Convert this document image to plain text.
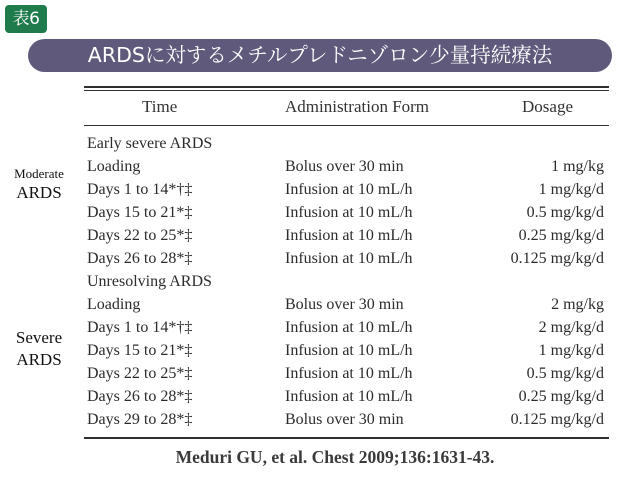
表6
ARDSに対するメチルプレドニゾロン少量持続療法
Time	Administration Form	Dosage
Early severe ARDS
Loading	Bolus over 30 min	1 mg/kg
Days 1 to 14*†‡	Infusion at 10 mL/h	1 mg/kg/d
Days 15 to 21*‡	Infusion at 10 mL/h	0.5 mg/kg/d
Days 22 to 25*‡	Infusion at 10 mL/h	0.25 mg/kg/d
Days 26 to 28*‡	Infusion at 10 mL/h	0.125 mg/kg/d
Unresolving ARDS
Loading	Bolus over 30 min	2 mg/kg
Days 1 to 14*†‡	Infusion at 10 mL/h	2 mg/kg/d
Days 15 to 21*‡	Infusion at 10 mL/h	1 mg/kg/d
Days 22 to 25*‡	Infusion at 10 mL/h	0.5 mg/kg/d
Days 26 to 28*‡	Infusion at 10 mL/h	0.25 mg/kg/d
Days 29 to 28*‡	Bolus over 30 min	0.125 mg/kg/d
Moderate
ARDS
Severe
ARDS
Meduri GU, et al. Chest 2009;136:1631-43.
